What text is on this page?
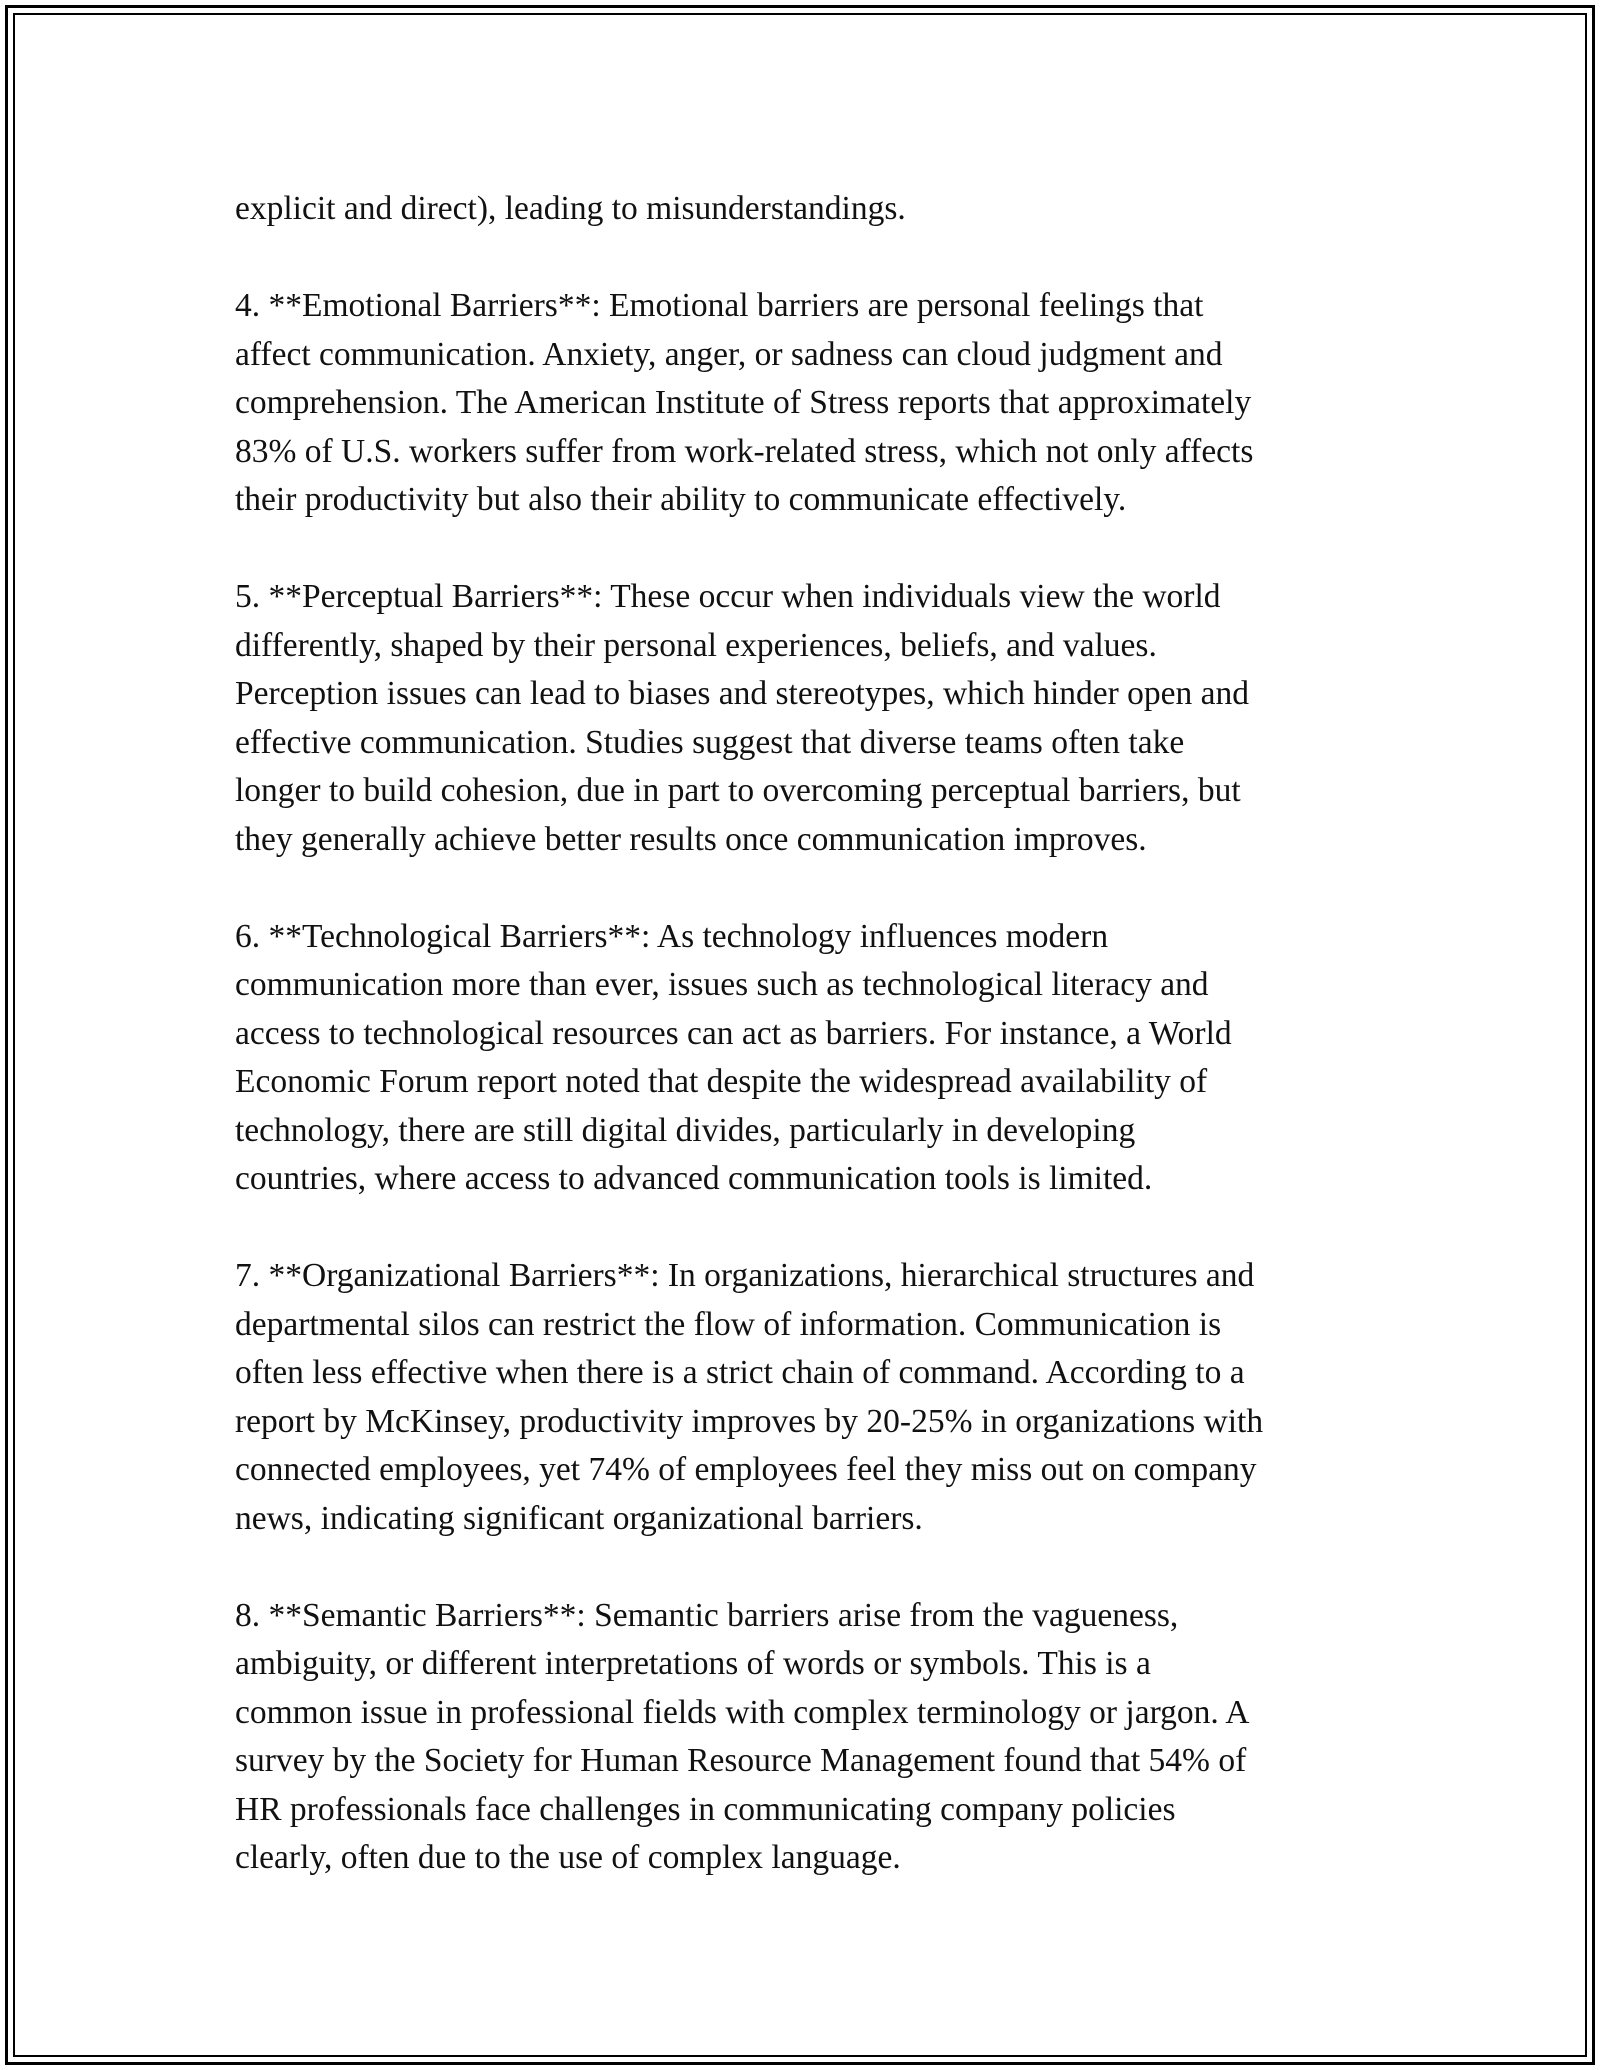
explicit and direct), leading to misunderstandings.

4. **Emotional Barriers**: Emotional barriers are personal feelings that
affect communication. Anxiety, anger, or sadness can cloud judgment and
comprehension. The American Institute of Stress reports that approximately
83% of U.S. workers suffer from work-related stress, which not only affects
their productivity but also their ability to communicate effectively.

5. **Perceptual Barriers**: These occur when individuals view the world
differently, shaped by their personal experiences, beliefs, and values.
Perception issues can lead to biases and stereotypes, which hinder open and
effective communication. Studies suggest that diverse teams often take
longer to build cohesion, due in part to overcoming perceptual barriers, but
they generally achieve better results once communication improves.

6. **Technological Barriers**: As technology influences modern
communication more than ever, issues such as technological literacy and
access to technological resources can act as barriers. For instance, a World
Economic Forum report noted that despite the widespread availability of
technology, there are still digital divides, particularly in developing
countries, where access to advanced communication tools is limited.

7. **Organizational Barriers**: In organizations, hierarchical structures and
departmental silos can restrict the flow of information. Communication is
often less effective when there is a strict chain of command. According to a
report by McKinsey, productivity improves by 20-25% in organizations with
connected employees, yet 74% of employees feel they miss out on company
news, indicating significant organizational barriers.

8. **Semantic Barriers**: Semantic barriers arise from the vagueness,
ambiguity, or different interpretations of words or symbols. This is a
common issue in professional fields with complex terminology or jargon. A
survey by the Society for Human Resource Management found that 54% of
HR professionals face challenges in communicating company policies
clearly, often due to the use of complex language.
